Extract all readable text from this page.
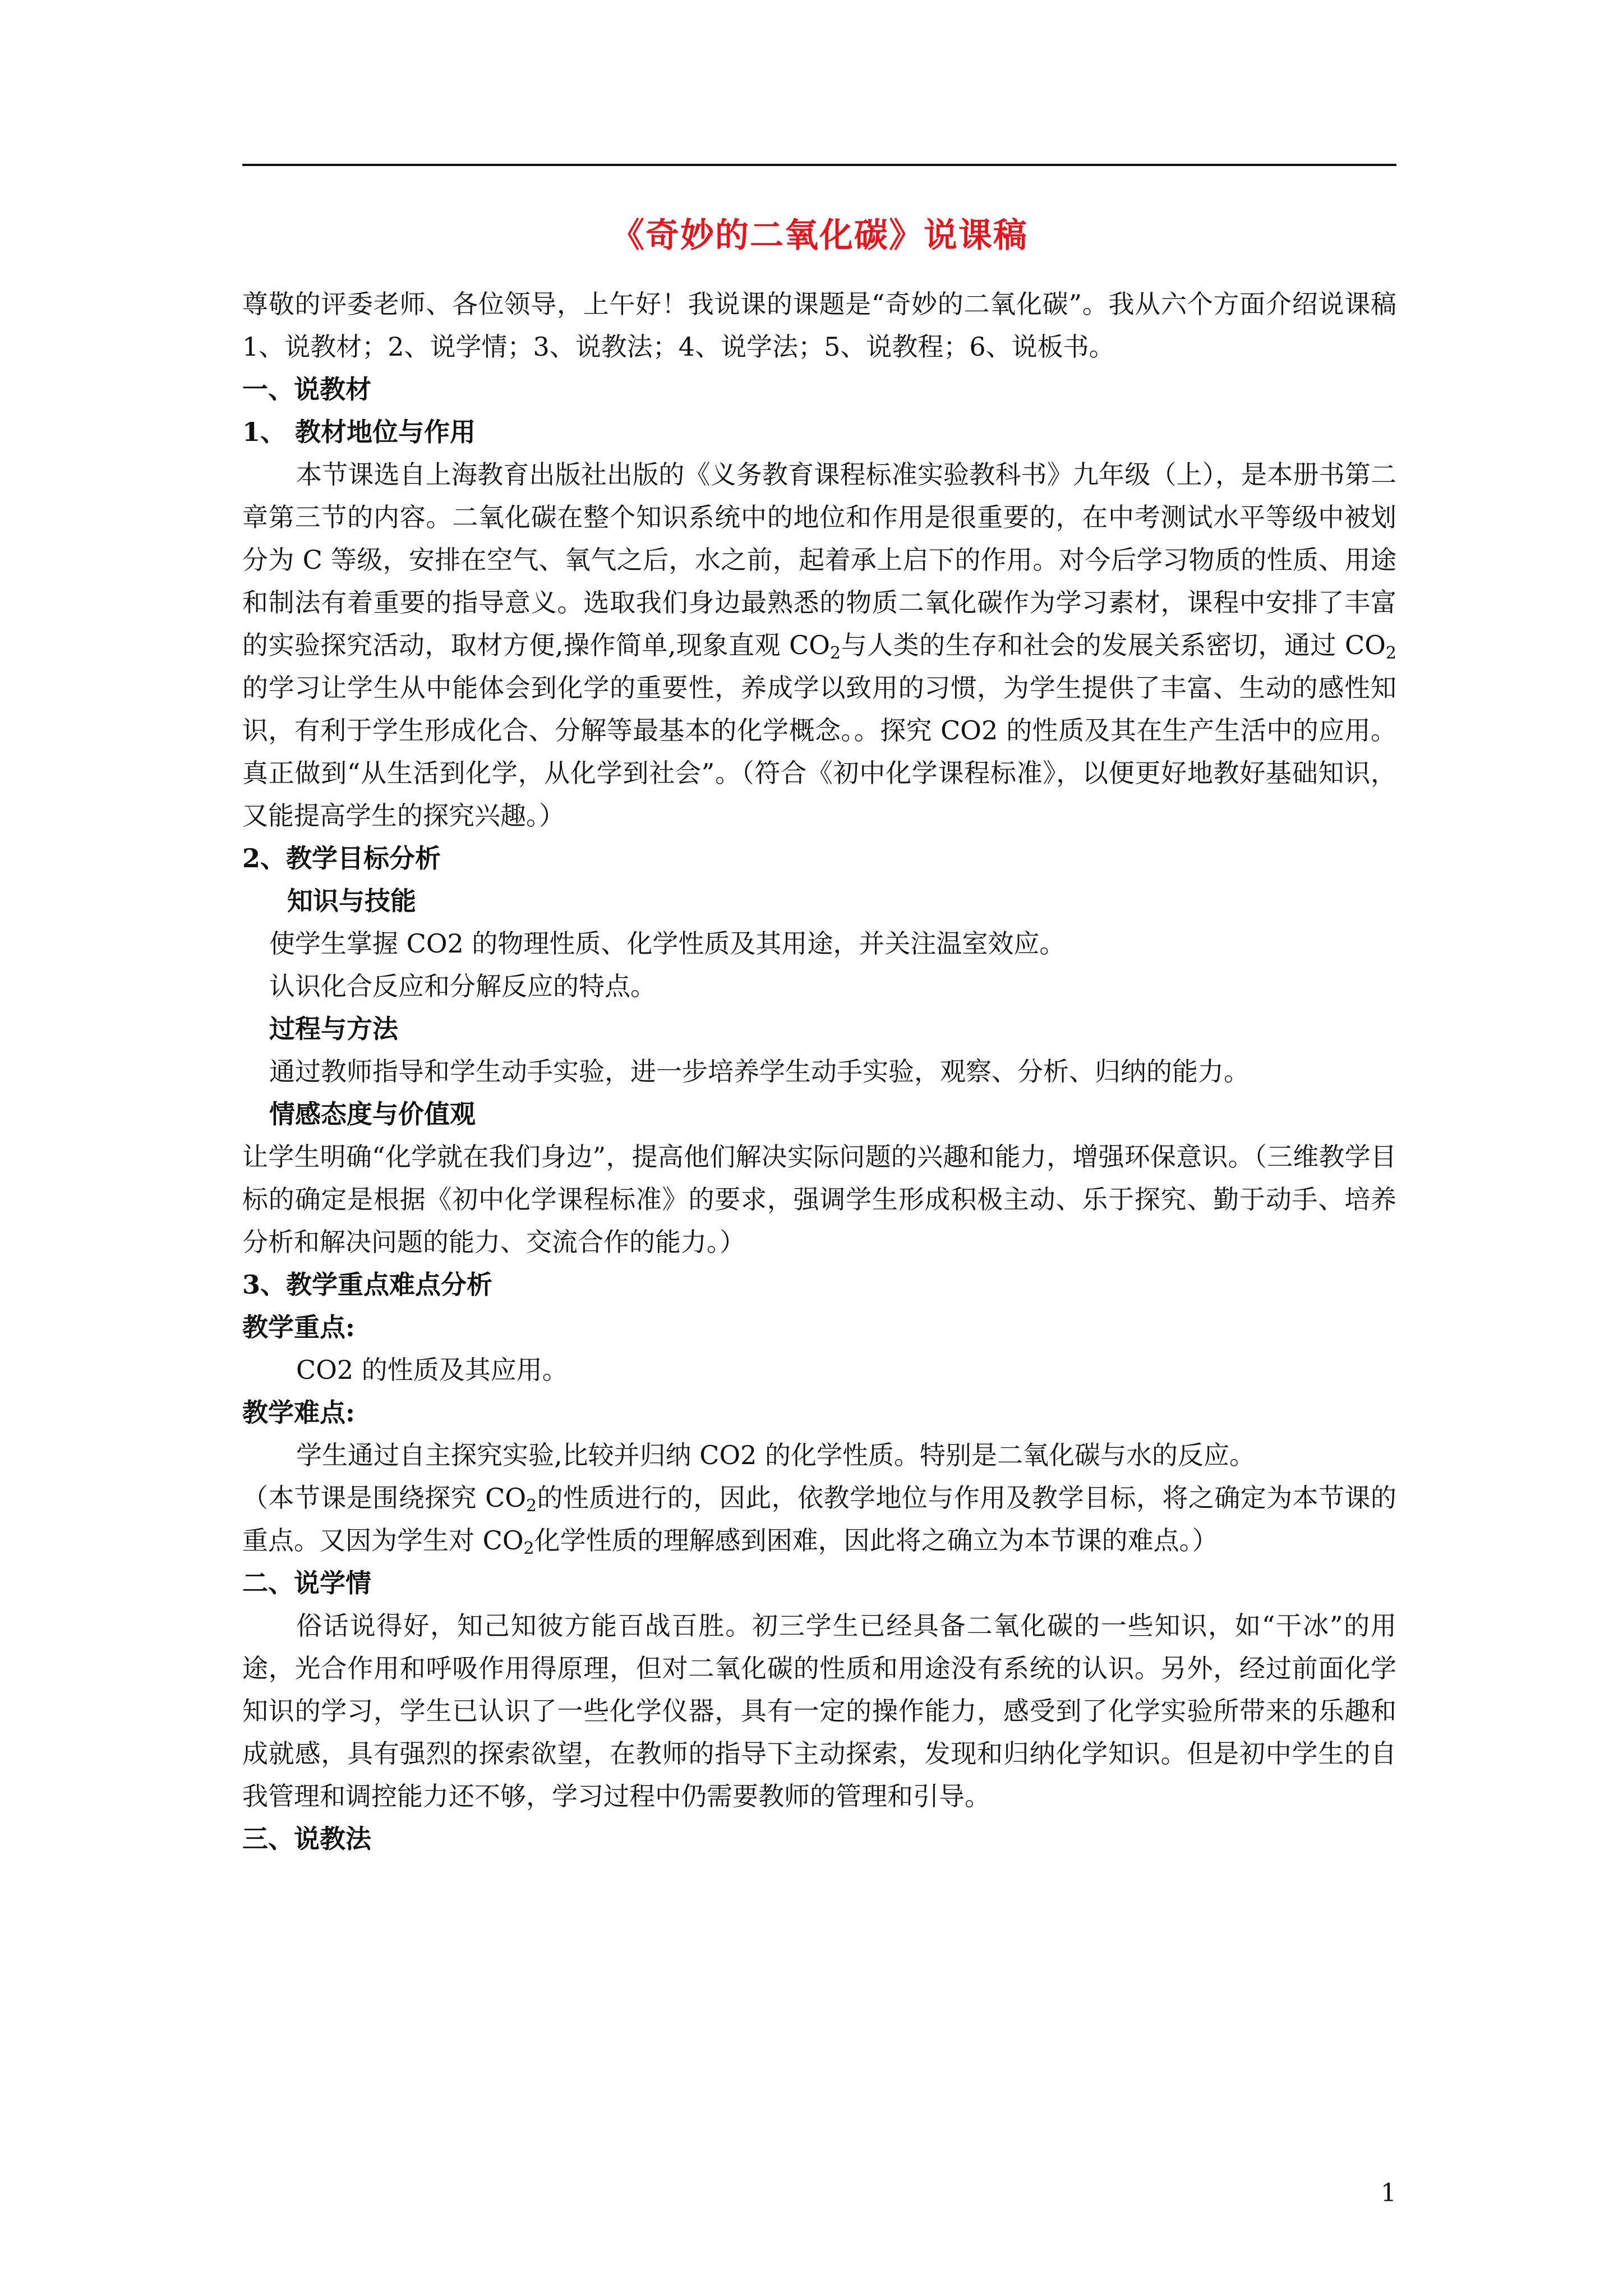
《奇妙的二氧化碳》说课稿

尊敬的评委老师、各位领导，上午好！我说课的课题是“奇妙的二氧化碳”。我从六个方面介绍说课稿 1、说教材；2、说学情；3、说教法；4、说学法；5、说教程；6、说板书。

一、说教材

1、 教材地位与作用

本节课选自上海教育出版社出版的《义务教育课程标准实验教科书》九年级（上），是本册书第二章第三节的内容。二氧化碳在整个知识系统中的地位和作用是很重要的，在中考测试水平等级中被划分为 C 等级，安排在空气、氧气之后，水之前，起着承上启下的作用。对今后学习物质的性质、用途和制法有着重要的指导意义。选取我们身边最熟悉的物质二氧化碳作为学习素材，课程中安排了丰富的实验探究活动，取材方便,操作简单,现象直观 $CO_2$与人类的生存和社会的发展关系密切，通过 $CO_2$的学习让学生从中能体会到化学的重要性，养成学以致用的习惯，为学生提供了丰富、生动的感性知识，有利于学生形成化合、分解等最基本的化学概念。。探究 CO2 的性质及其在生产生活中的应用。真正做到“从生活到化学，从化学到社会”。（符合《初中化学课程标准》，以便更好地教好基础知识，又能提高学生的探究兴趣。）

2、教学目标分析

知识与技能

使学生掌握 CO2 的物理性质、化学性质及其用途，并关注温室效应。

认识化合反应和分解反应的特点。

过程与方法

通过教师指导和学生动手实验，进一步培养学生动手实验，观察、分析、归纳的能力。

情感态度与价值观

让学生明确“化学就在我们身边”，提高他们解决实际问题的兴趣和能力，增强环保意识。（三维教学目标的确定是根据《初中化学课程标准》的要求，强调学生形成积极主动、乐于探究、勤于动手、培养分析和解决问题的能力、交流合作的能力。）

3、教学重点难点分析

教学重点:

CO2 的性质及其应用。

教学难点:

学生通过自主探究实验,比较并归纳 CO2 的化学性质。特别是二氧化碳与水的反应。

（本节课是围绕探究 $CO_2$的性质进行的，因此，依教学地位与作用及教学目标，将之确定为本节课的重点。又因为学生对 $CO_2$化学性质的理解感到困难，因此将之确立为本节课的难点。）

二、说学情

俗话说得好，知己知彼方能百战百胜。初三学生已经具备二氧化碳的一些知识，如“干冰”的用途，光合作用和呼吸作用得原理，但对二氧化碳的性质和用途没有系统的认识。另外，经过前面化学知识的学习，学生已认识了一些化学仪器，具有一定的操作能力，感受到了化学实验所带来的乐趣和成就感，具有强烈的探索欲望，在教师的指导下主动探索，发现和归纳化学知识。但是初中学生的自我管理和调控能力还不够，学习过程中仍需要教师的管理和引导。

三、说教法

1
